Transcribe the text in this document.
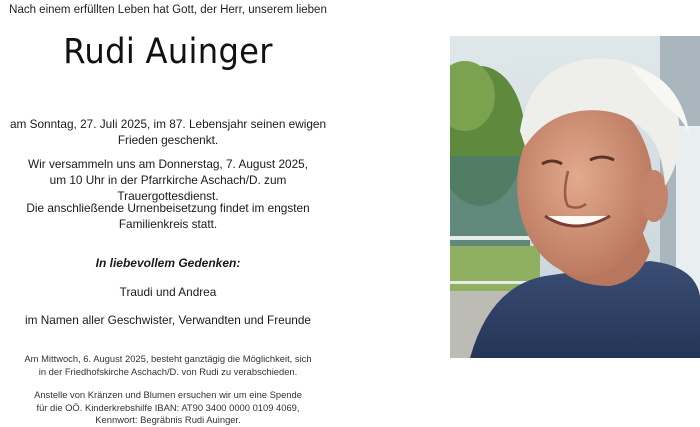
Nach einem erfüllten Leben hat Gott, der Herr, unserem lieben
Rudi Auinger
am Sonntag, 27. Juli 2025, im 87. Lebensjahr seinen ewigen
Frieden geschenkt.
Wir versammeln uns am Donnerstag, 7. August 2025,
um 10 Uhr in der Pfarrkirche Aschach/D. zum Trauergottesdienst.
Die anschließende Urnenbeisetzung findet im engsten
Familienkreis statt.
In liebevollem Gedenken:
Traudi und Andrea
im Namen aller Geschwister, Verwandten und Freunde
Am Mittwoch, 6. August 2025, besteht ganztägig die Möglichkeit, sich
in der Friedhofskirche Aschach/D. von Rudi zu verabschieden.
Anstelle von Kränzen und Blumen ersuchen wir um eine Spende
für die OÖ. Kinderkrebshilfe IBAN: AT90 3400 0000 0109 4069,
Kennwort: Begräbnis Rudi Auinger.
